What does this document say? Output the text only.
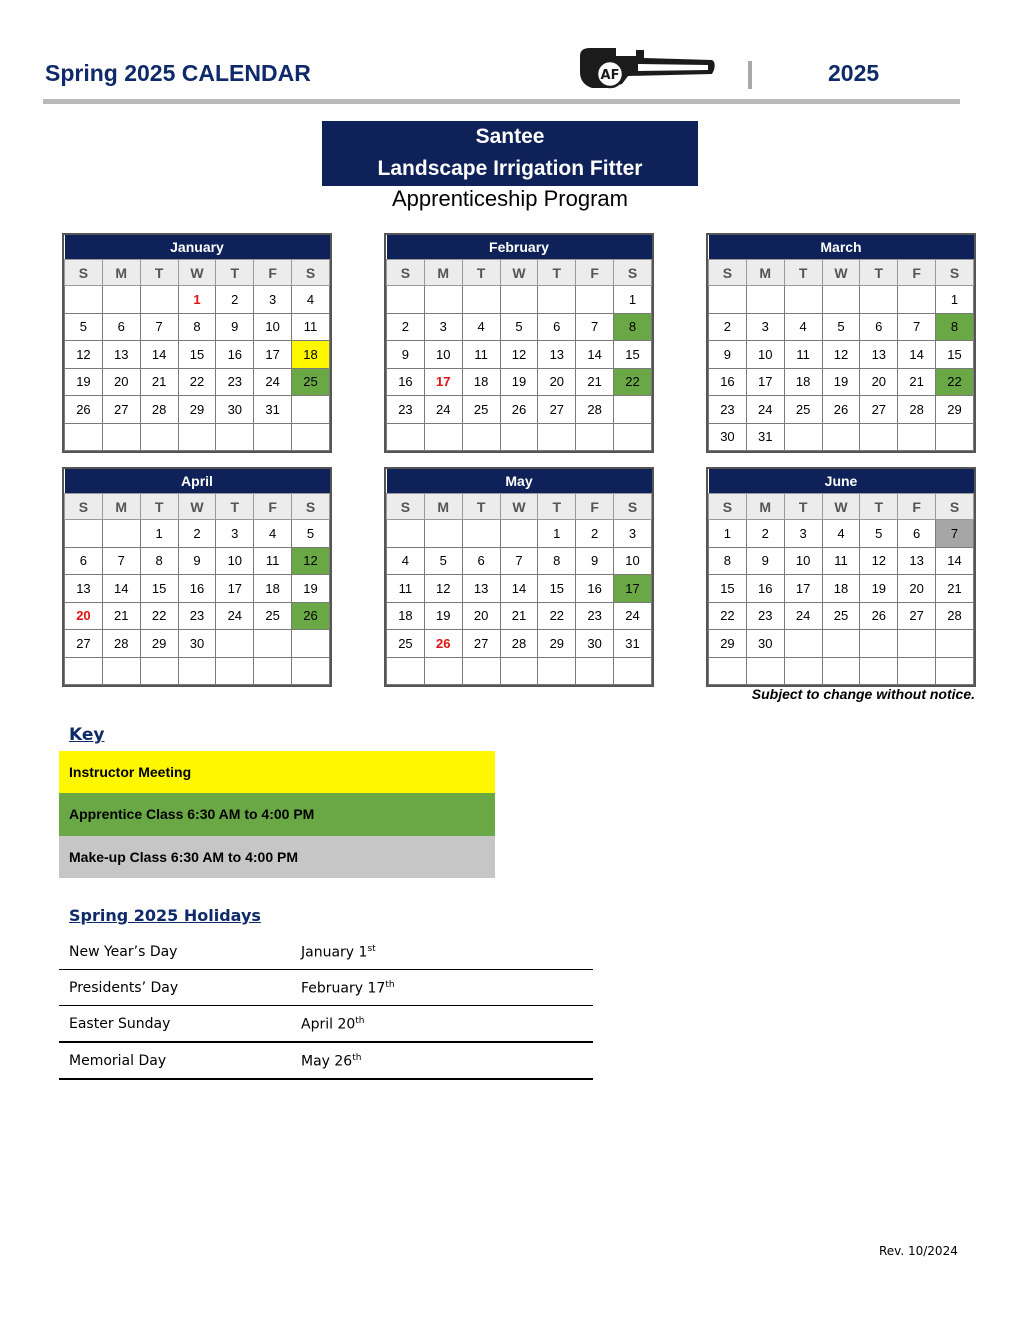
Spring 2025 CALENDAR	AF	2025
Santee
Landscape Irrigation Fitter
Apprenticeship Program
January						
S	M	T	W	T	F	S
			1	2	3	4
5	6	7	8	9	10	11
12	13	14	15	16	17	18
19	20	21	22	23	24	25
26	27	28	29	30	31	

February						
S	M	T	W	T	F	S
						1
2	3	4	5	6	7	8
9	10	11	12	13	14	15
16	17	18	19	20	21	22
23	24	25	26	27	28	

March						
S	M	T	W	T	F	S
						1
2	3	4	5	6	7	8
9	10	11	12	13	14	15
16	17	18	19	20	21	22
23	24	25	26	27	28	29
30	31					
April						
S	M	T	W	T	F	S
		1	2	3	4	5
6	7	8	9	10	11	12
13	14	15	16	17	18	19
20	21	22	23	24	25	26
27	28	29	30			

May						
S	M	T	W	T	F	S
				1	2	3
4	5	6	7	8	9	10
11	12	13	14	15	16	17
18	19	20	21	22	23	24
25	26	27	28	29	30	31

June						
S	M	T	W	T	F	S
1	2	3	4	5	6	7
8	9	10	11	12	13	14
15	16	17	18	19	20	21
22	23	24	25	26	27	28
29	30					

Subject to change without notice.
Key
Instructor Meeting
Apprentice Class 6:30 AM to 4:00 PM
Make-up Class 6:30 AM to 4:00 PM
Spring 2025 Holidays
New Year’s Day	January 1st
Presidents’ Day	February 17th
Easter Sunday	April 20th
Memorial Day	May 26th
Rev. 10/2024
